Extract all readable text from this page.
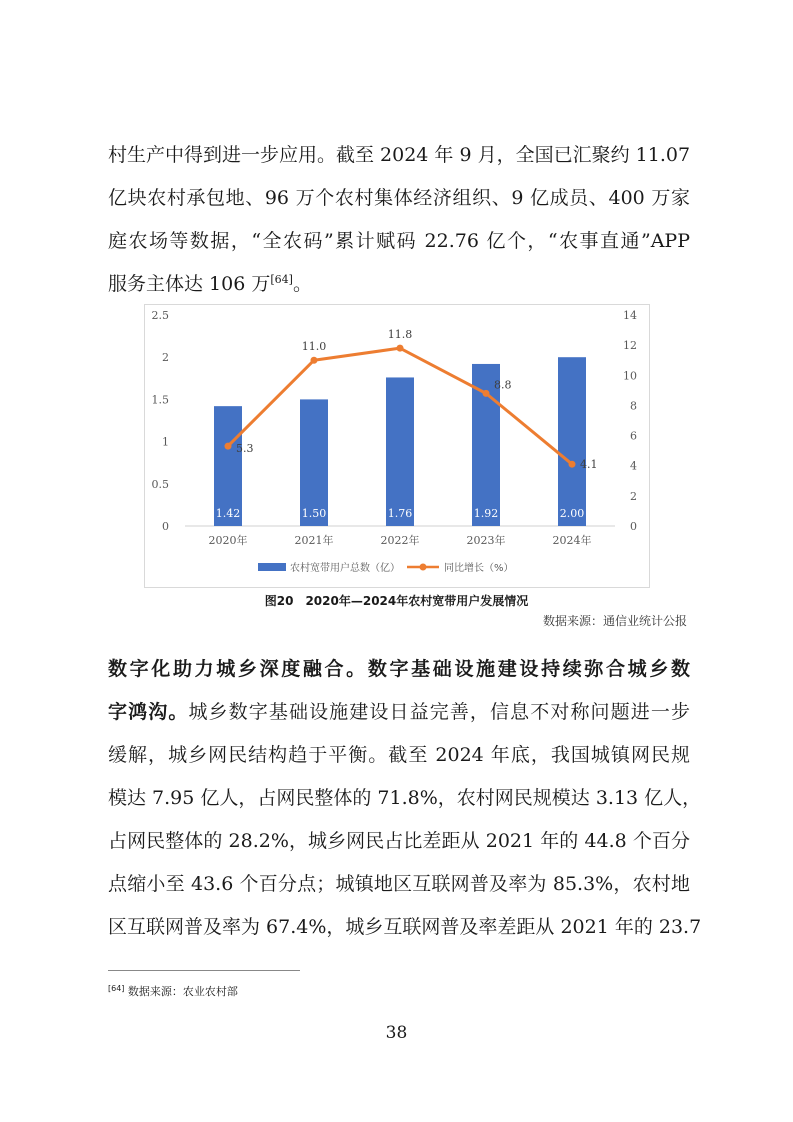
村生产中得到进一步应用。截至 2024 年 9 月，全国已汇聚约 11.07
亿块农村承包地、96 万个农村集体经济组织、9 亿成员、400 万家
庭农场等数据，“全农码”累计赋码 22.76 亿个，“农事直通”APP
服务主体达 106 万[64]。
0
0.5
1
1.5
2
2.5
0
2
4
6
8
10
12
14
2020年	2021年	2022年	2023年	2024年
1.42	1.50	1.76	1.92	2.00
5.3
11.0
11.8
8.8
4.1
农村宽带用户总数（亿）	同比增长（%）
图20　2020年—2024年农村宽带用户发展情况
数据来源：通信业统计公报
数字化助力城乡深度融合。数字基础设施建设持续弥合城乡数
字鸿沟。城乡数字基础设施建设日益完善，信息不对称问题进一步
缓解，城乡网民结构趋于平衡。截至 2024 年底，我国城镇网民规
模达 7.95 亿人，占网民整体的 71.8%，农村网民规模达 3.13 亿人，
占网民整体的 28.2%，城乡网民占比差距从 2021 年的 44.8 个百分
点缩小至 43.6 个百分点；城镇地区互联网普及率为 85.3%，农村地
区互联网普及率为 67.4%，城乡互联网普及率差距从 2021 年的 23.7
[64] 数据来源：农业农村部
38
